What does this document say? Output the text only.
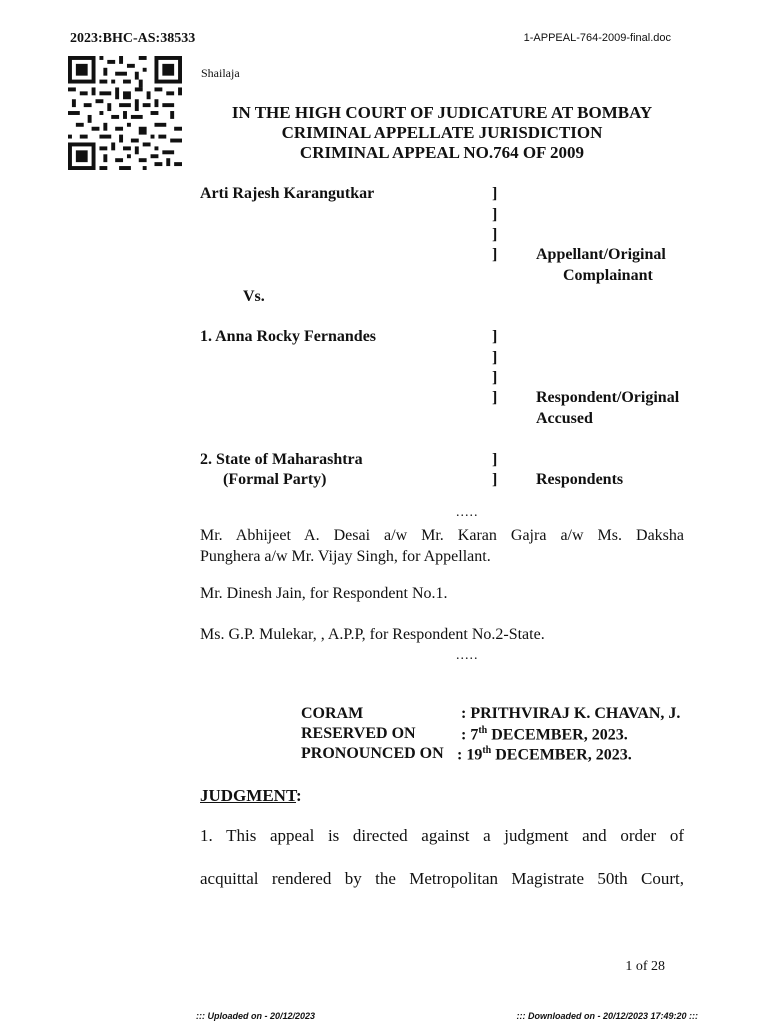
2023:BHC-AS:38533	1-APPEAL-764-2009-final.doc
Shailaja
IN THE HIGH COURT OF JUDICATURE AT BOMBAY
CRIMINAL APPELLATE JURISDICTION
CRIMINAL APPEAL NO.764 OF 2009
Arti Rajesh Karangutkar	]
]
]
] Appellant/Original
Complainant
Vs.
1. Anna Rocky Fernandes	]
]
]
] Respondent/Original
Accused
2. State of Maharashtra	]
(Formal Party)	] Respondents
.....
Mr. Abhijeet A. Desai a/w Mr. Karan Gajra a/w Ms. Daksha
Punghera a/w Mr. Vijay Singh, for Appellant.
Mr. Dinesh Jain, for Respondent No.1.
Ms. G.P. Mulekar, , A.P.P, for Respondent No.2-State.
.....
CORAM	: PRITHVIRAJ K. CHAVAN, J.
RESERVED ON	: 7th DECEMBER, 2023.
PRONOUNCED ON : 19th DECEMBER, 2023.
JUDGMENT:
1. This appeal is directed against a judgment and order of
acquittal rendered by the Metropolitan Magistrate 50th Court,
1 of 28
::: Uploaded on - 20/12/2023	::: Downloaded on - 20/12/2023 17:49:20 :::
